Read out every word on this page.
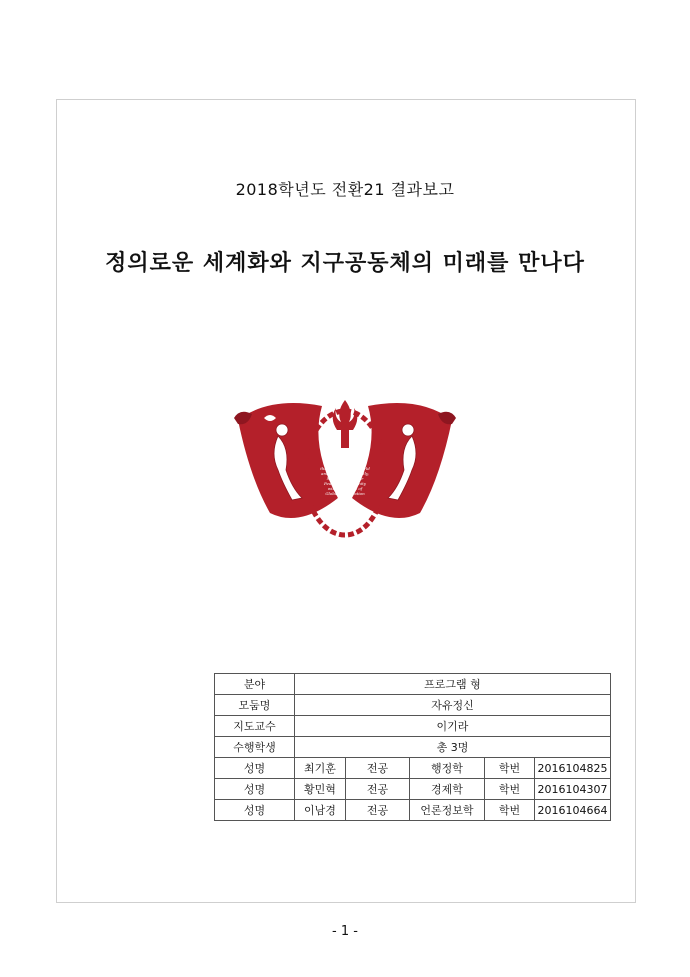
2018학년도 전환21 결과보고
정의로운 세계화와 지구공동체의 미래를 만나다
The World is
a Global Village and
the Peoples of the World
are One Human Family,
May We Strive for
Peace and Humanity
with the Spirit of
Global Cooperation
Society.
분야	프로그램 형				
모둠명	자유정신				
지도교수	이기라				
수행학생	총 3명				
성명	최기훈	전공	행정학	학번	2016104825
성명	황민혁	전공	경제학	학번	2016104307
성명	이남경	전공	언론정보학	학번	2016104664
- 1 -
